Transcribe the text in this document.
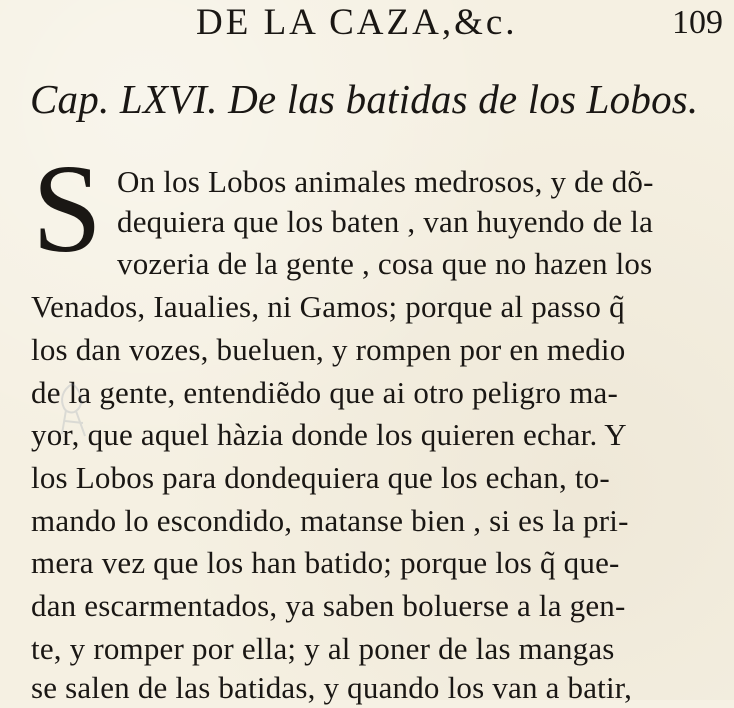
DE LA CAZA,&c.	109
Cap. LXVI. De las batidas de los Lobos.
S On los Lobos animales medrosos, y de dõ-
dequiera que los baten , van huyendo de la
vozeria de la gente , cosa que no hazen los
Venados, Iaualies, ni Gamos; porque al passo q̃
los dan vozes, bueluen, y rompen por en medio
de la gente, entendiẽdo que ai otro peligro ma-
yor, que aquel hàzia donde los quieren echar. Y
los Lobos para dondequiera que los echan, to-
mando lo escondido, matanse bien , si es la pri-
mera vez que los han batido; porque los q̃ que-
dan escarmentados, ya saben boluerse a la gen-
te, y romper por ella; y al poner de las mangas
se salen de las batidas, y quando los van a batir,
